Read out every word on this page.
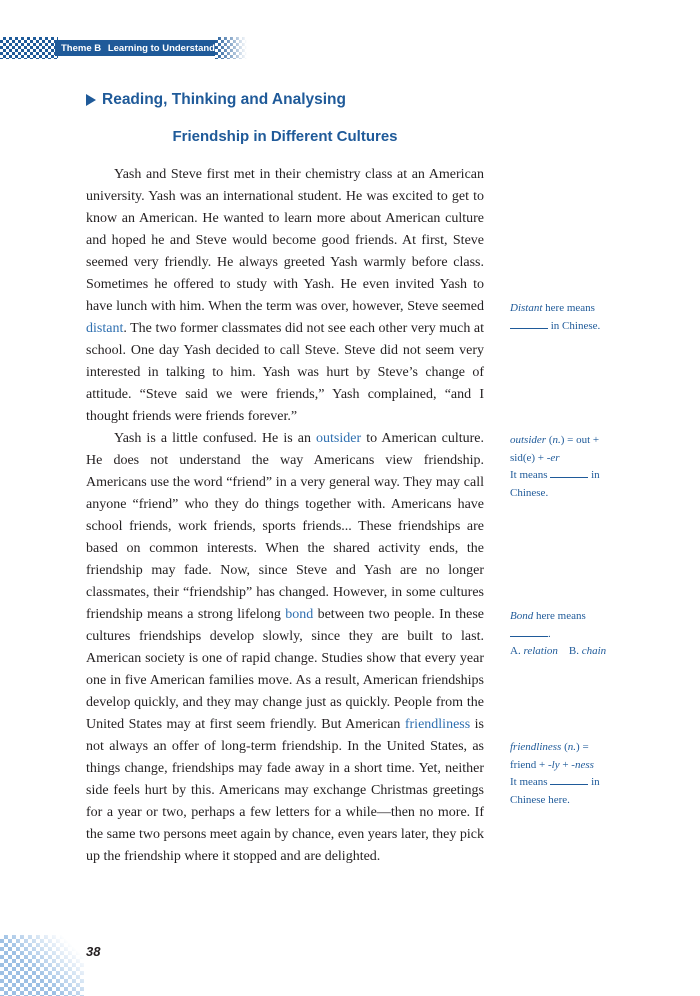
Theme B Learning to Understand
Reading, Thinking and Analysing
Friendship in Different Cultures

Yash and Steve first met in their chemistry class at an American university. Yash was an international student. He was excited to get to know an American. He wanted to learn more about American culture and hoped he and Steve would become good friends. At first, Steve seemed very friendly. He always greeted Yash warmly before class. Sometimes he offered to study with Yash. He even invited Yash to have lunch with him. When the term was over, however, Steve seemed distant. The two former classmates did not see each other very much at school. One day Yash decided to call Steve. Steve did not seem very interested in talking to him. Yash was hurt by Steve’s change of attitude. “Steve said we were friends,” Yash complained, “and I thought friends were friends forever.”

Yash is a little confused. He is an outsider to American culture. He does not understand the way Americans view friendship. Americans use the word “friend” in a very general way. They may call anyone “friend” who they do things together with. Americans have school friends, work friends, sports friends... These friendships are based on common interests. When the shared activity ends, the friendship may fade. Now, since Steve and Yash are no longer classmates, their “friendship” has changed. However, in some cultures friendship means a strong lifelong bond between two people. In these cultures friendships develop slowly, since they are built to last. American society is one of rapid change. Studies show that every year one in five American families move. As a result, American friendships develop quickly, and they may change just as quickly. People from the United States may at first seem friendly. But American friendliness is not always an offer of long-term friendship. In the United States, as things change, friendships may fade away in a short time. Yet, neither side feels hurt by this. Americans may exchange Christmas greetings for a year or two, perhaps a few letters for a while—then no more. If the same two persons meet again by chance, even years later, they pick up the friendship where it stopped and are delighted.

Distant here means
in Chinese.
outsider (n.) = out +
sid(e) + -er
It means	in
Chinese.
Bond here means
.
A. relation B. chain
friendliness (n.) =
friend + -ly + -ness
It means	in
Chinese here.
38
